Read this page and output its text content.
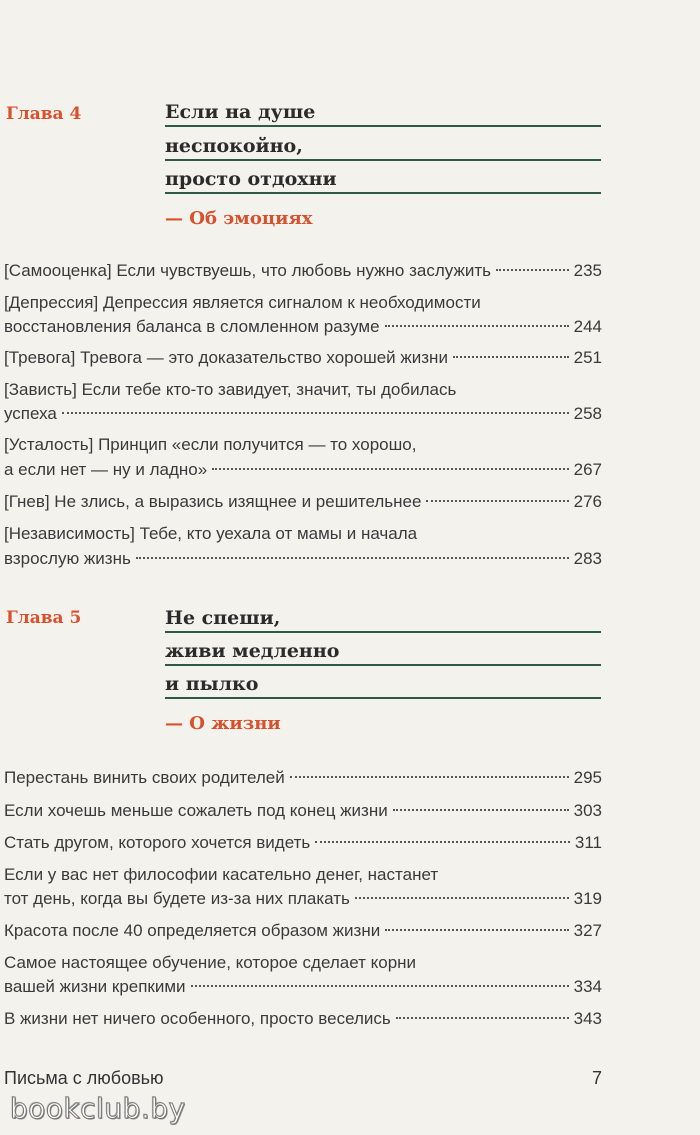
Глава 4	Если на душе
неспокойно,
просто отдохни
— Об эмоциях
[Самооценка] Если чувствуешь, что любовь нужно заслужить	235
[Депрессия] Депрессия является сигналом к необходимости
восстановления баланса в сломленном разуме	244
[Тревога] Тревога — это доказательство хорошей жизни	251
[Зависть] Если тебе кто-то завидует, значит, ты добилась
успеха	258
[Усталость] Принцип «если получится — то хорошо,
а если нет — ну и ладно»	267
[Гнев] Не злись, а выразись изящнее и решительнее	276
[Независимость] Тебе, кто уехала от мамы и начала
взрослую жизнь	283
Глава 5	Не спеши,
живи медленно
и пылко
— О жизни
Перестань винить своих родителей	295
Если хочешь меньше сожалеть под конец жизни	303
Стать другом, которого хочется видеть	311
Если у вас нет философии касательно денег, настанет
тот день, когда вы будете из-за них плакать	319
Красота после 40 определяется образом жизни	327
Самое настоящее обучение, которое сделает корни
вашей жизни крепкими	334
В жизни нет ничего особенного, просто веселись	343
Письма с любовью	7
bookclub.by
